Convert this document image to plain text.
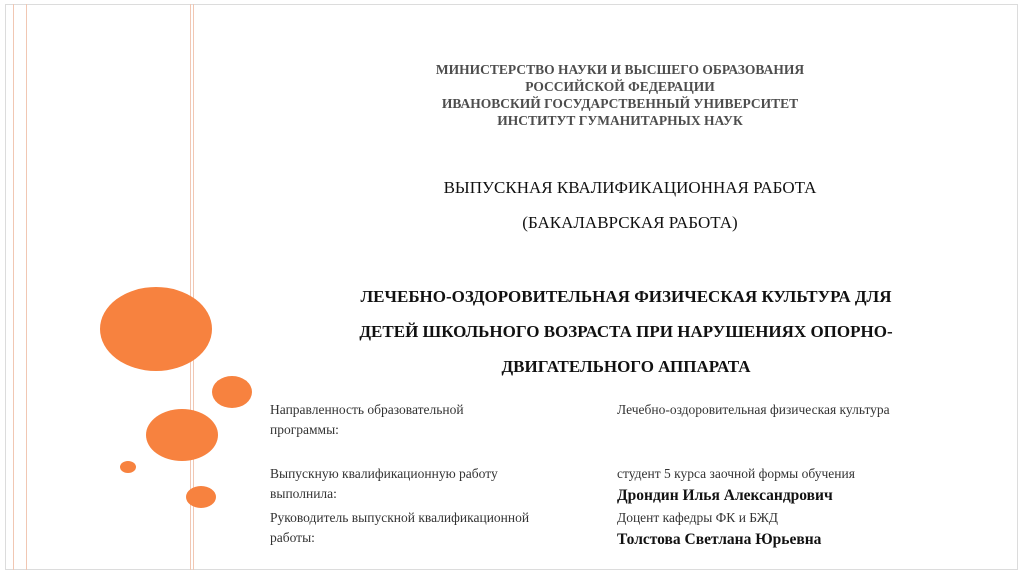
МИНИСТЕРСТВО НАУКИ И ВЫСШЕГО ОБРАЗОВАНИЯ
РОССИЙСКОЙ ФЕДЕРАЦИИ
ИВАНОВСКИЙ ГОСУДАРСТВЕННЫЙ УНИВЕРСИТЕТ
ИНСТИТУТ ГУМАНИТАРНЫХ НАУК
ВЫПУСКНАЯ КВАЛИФИКАЦИОННАЯ РАБОТА
(БАКАЛАВРСКАЯ РАБОТА)
ЛЕЧЕБНО-ОЗДОРОВИТЕЛЬНАЯ ФИЗИЧЕСКАЯ КУЛЬТУРА ДЛЯ
ДЕТЕЙ ШКОЛЬНОГО ВОЗРАСТА ПРИ НАРУШЕНИЯХ ОПОРНО-
ДВИГАТЕЛЬНОГО АППАРАТА
Направленность образовательной
программы:
Выпускную квалификационную работу
выполнила:
Руководитель выпускной квалификационной
работы:
Лечебно-оздоровительная физическая культура
студент 5 курса заочной формы обучения
Дрондин Илья Александрович
Доцент кафедры ФК и БЖД
Толстова Светлана Юрьевна
